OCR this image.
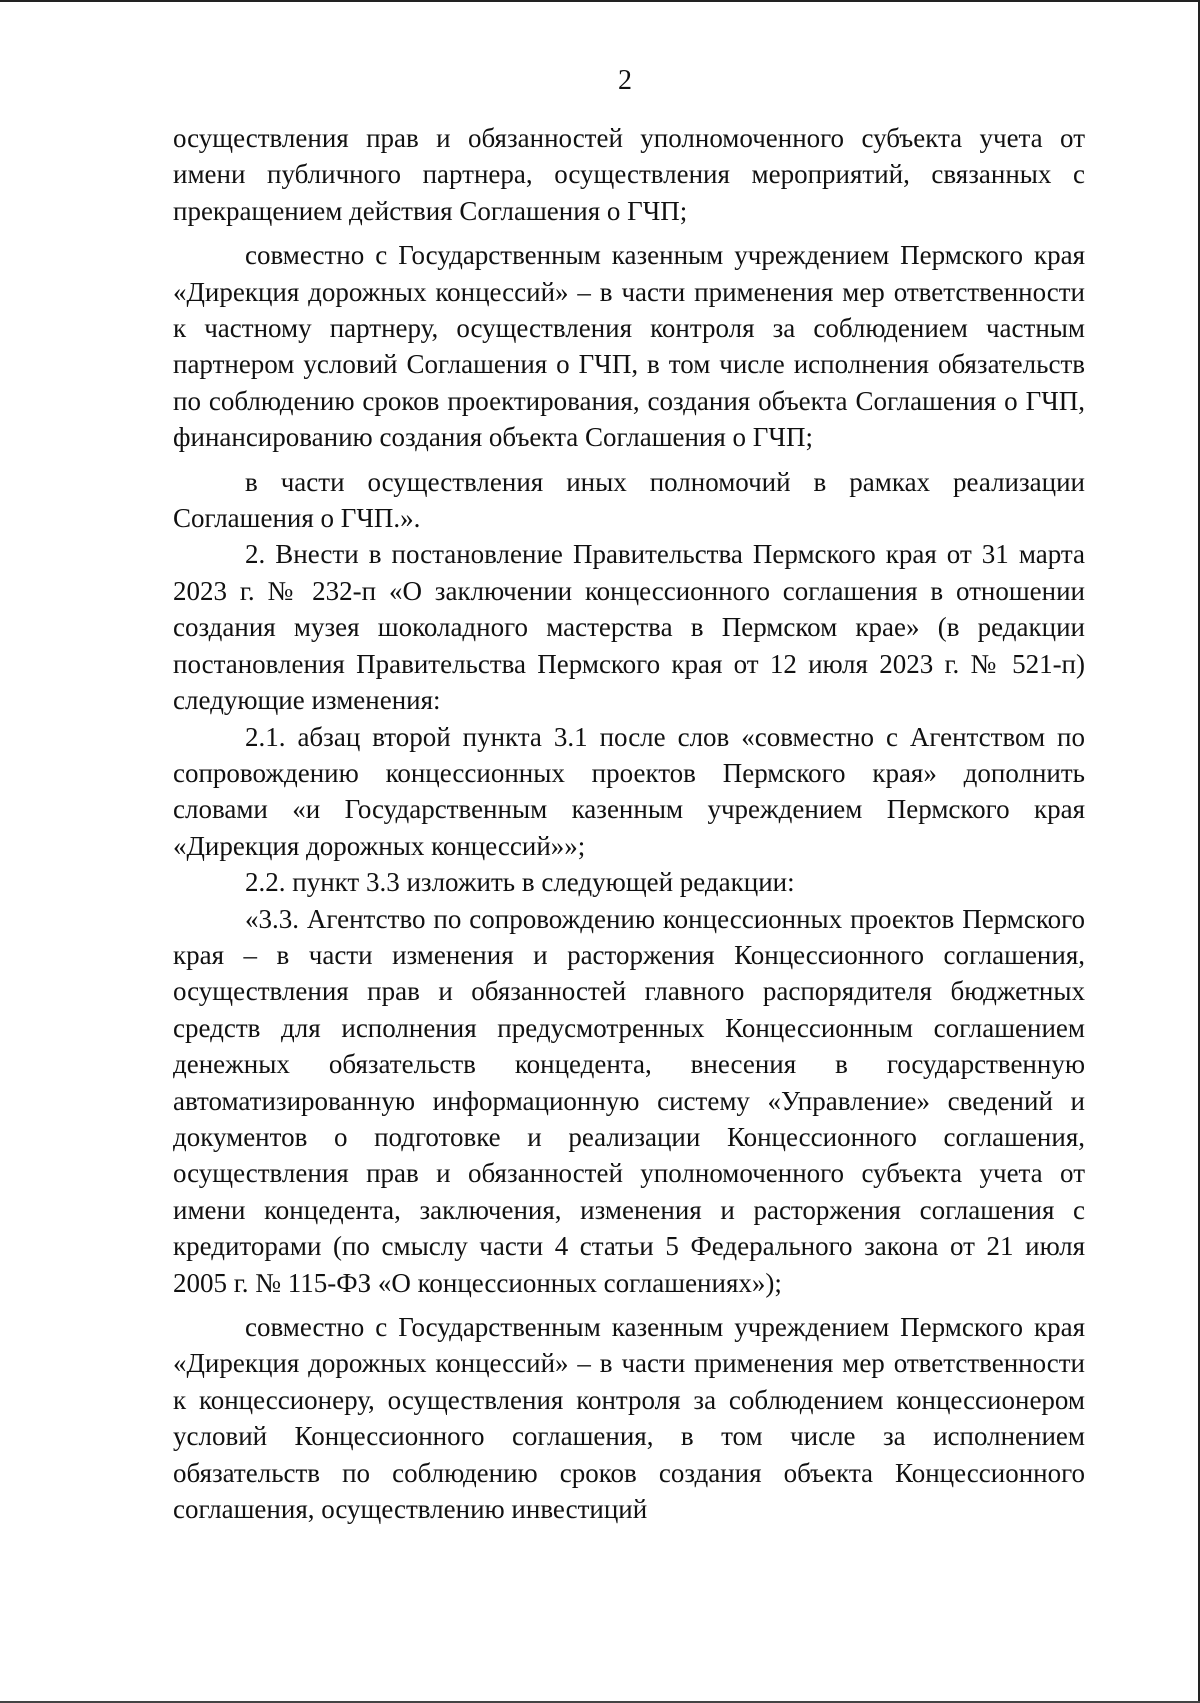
2

осуществления прав и обязанностей уполномоченного субъекта учета от имени публичного партнера, осуществления мероприятий, связанных с прекращением действия Соглашения о ГЧП;

совместно с Государственным казенным учреждением Пермского края «Дирекция дорожных концессий» – в части применения мер ответственности к частному партнеру, осуществления контроля за соблюдением частным партнером условий Соглашения о ГЧП, в том числе исполнения обязательств по соблюдению сроков проектирования, создания объекта Соглашения о ГЧП, финансированию создания объекта Соглашения о ГЧП;

в части осуществления иных полномочий в рамках реализации Соглашения о ГЧП.».

2. Внести в постановление Правительства Пермского края от 31 марта 2023 г. № 232-п «О заключении концессионного соглашения в отношении создания музея шоколадного мастерства в Пермском крае» (в редакции постановления Правительства Пермского края от 12 июля 2023 г. № 521-п) следующие изменения:

2.1. абзац второй пункта 3.1 после слов «совместно с Агентством по сопровождению концессионных проектов Пермского края» дополнить словами «и Государственным казенным учреждением Пермского края «Дирекция дорожных концессий»»;

2.2. пункт 3.3 изложить в следующей редакции:

«3.3. Агентство по сопровождению концессионных проектов Пермского края – в части изменения и расторжения Концессионного соглашения, осуществления прав и обязанностей главного распорядителя бюджетных средств для исполнения предусмотренных Концессионным соглашением денежных обязательств концедента, внесения в государственную автоматизированную информационную систему «Управление» сведений и документов о подготовке и реализации Концессионного соглашения, осуществления прав и обязанностей уполномоченного субъекта учета от имени концедента, заключения, изменения и расторжения соглашения с кредиторами (по смыслу части 4 статьи 5 Федерального закона от 21 июля 2005 г. № 115-ФЗ «О концессионных соглашениях»);

совместно с Государственным казенным учреждением Пермского края «Дирекция дорожных концессий» – в части применения мер ответственности к концессионеру, осуществления контроля за соблюдением концессионером условий Концессионного соглашения, в том числе за исполнением обязательств по соблюдению сроков создания объекта Концессионного соглашения, осуществлению инвестиций
